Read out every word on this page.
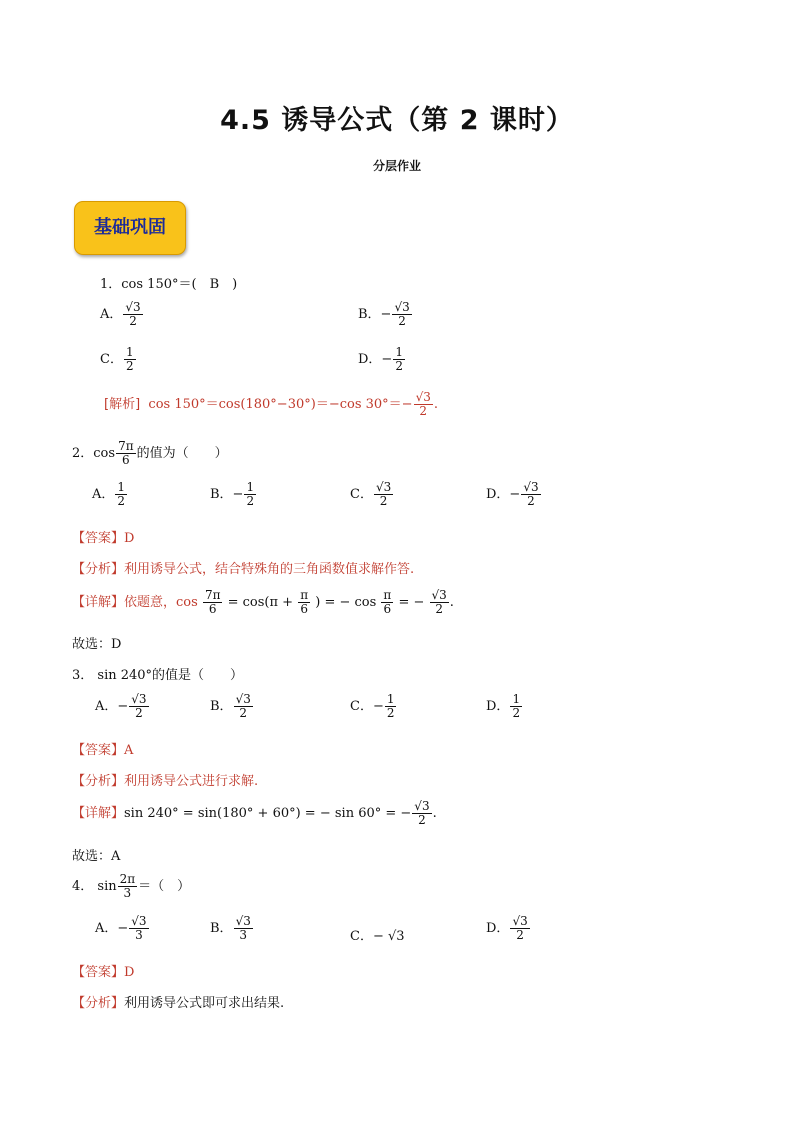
4.5 诱导公式（第 2 课时）
分层作业
基础巩固
1．cos 150°＝(　B　)
A． $\frac{√3}{2}$	B．− $\frac{√3}{2}$
C． $\frac{1}{2}$	D．− $\frac{1}{2}$
[解析] cos 150°＝cos(180°−30°)＝−cos $30^\circ=- \frac{√3}{2}$ .
2．$\cos \frac{7\pi}{6}$ 的值为（　　）
A． $\frac{1}{2}$	B．− $\frac{1}{2}$	C． $\frac{√3}{2}$	D．− $\frac{√3}{2}$
【答案】D
【分析】利用诱导公式，结合特殊角的三角函数值求解作答.
【详解】依题意，$\cos \frac{7\pi}{6} = \cos(\pi + \frac{\pi}{6}$ ) = − $\cos \frac{\pi}{6}$ = − $\frac{√3}{2}$ .
故选：D
3． sin 240°的值是（　　）
A．− $\frac{√3}{2}$	B． $\frac{√3}{2}$	C．− $\frac{1}{2}$	D． $\frac{1}{2}$
【答案】A
【分析】利用诱导公式进行求解.
【详解】sin 240° = sin(180° + 60°) = − sin 60° = − $\frac{√3}{2}$ .
故选：A
4． $\sin \frac{2\pi}{3}$ ＝（　）
A．− $\frac{√3}{3}$	B． $\frac{√3}{3}$	C．− √3
D． $\frac{√3}{2}$
【答案】D
【分析】利用诱导公式即可求出结果.
